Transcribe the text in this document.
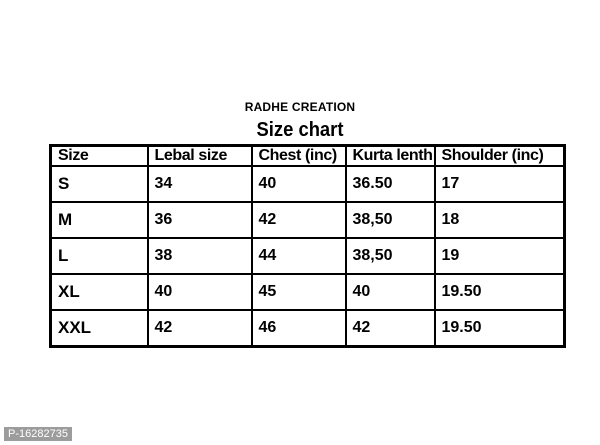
RADHE CREATION
Size chart
Size	Lebal size	Chest (inc)	Kurta lenth	Shoulder (inc)
S	34	40	36.50	17
M	36	42	38,50	18
L	38	44	38,50	19
XL	40	45	40	19.50
XXL	42	46	42	19.50
P-16282735
